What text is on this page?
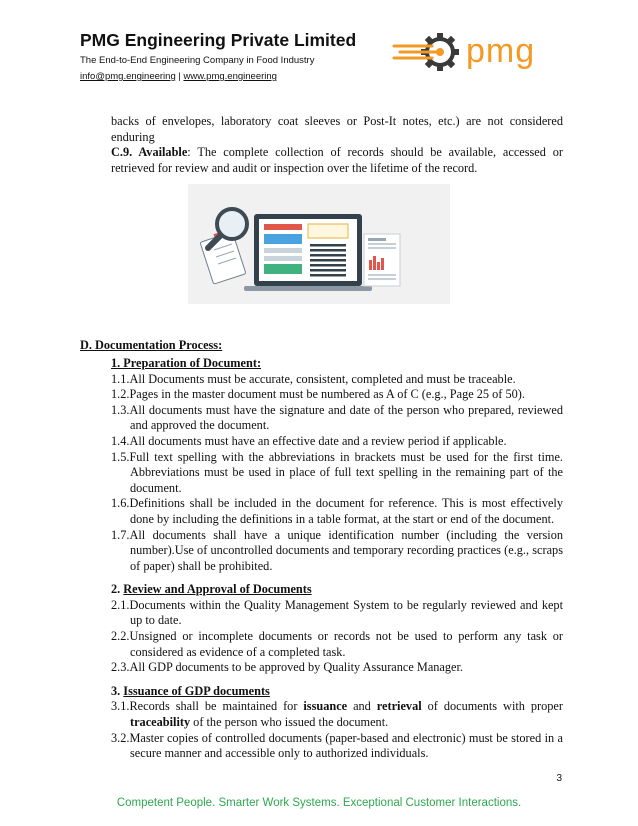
PMG Engineering Private Limited
The End-to-End Engineering Company in Food Industry
info@pmg.engineering | www.pmg.engineering
pmg

backs of envelopes, laboratory coat sleeves or Post-It notes, etc.) are not considered enduring

C.9. Available: The complete collection of records should be available, accessed or retrieved for review and audit or inspection over the lifetime of the record.

D. Documentation Process:
1. Preparation of Document:
1.1.All Documents must be accurate, consistent, completed and must be traceable.
1.2.Pages in the master document must be numbered as A of C (e.g., Page 25 of 50).
1.3.All documents must have the signature and date of the person who prepared, reviewed and approved the document.
1.4.All documents must have an effective date and a review period if applicable.
1.5.Full text spelling with the abbreviations in brackets must be used for the first time. Abbreviations must be used in place of full text spelling in the remaining part of the document.
1.6.Definitions shall be included in the document for reference. This is most effectively done by including the definitions in a table format, at the start or end of the document.
1.7.All documents shall have a unique identification number (including the version number).Use of uncontrolled documents and temporary recording practices (e.g., scraps of paper) shall be prohibited.
2. Review and Approval of Documents
2.1.Documents within the Quality Management System to be regularly reviewed and kept up to date.
2.2.Unsigned or incomplete documents or records not be used to perform any task or considered as evidence of a completed task.
2.3.All GDP documents to be approved by Quality Assurance Manager.
3. Issuance of GDP documents
3.1.Records shall be maintained for issuance and retrieval of documents with proper traceability of the person who issued the document.
3.2.Master copies of controlled documents (paper-based and electronic) must be stored in a secure manner and accessible only to authorized individuals.
3
Competent People. Smarter Work Systems. Exceptional Customer Interactions.
